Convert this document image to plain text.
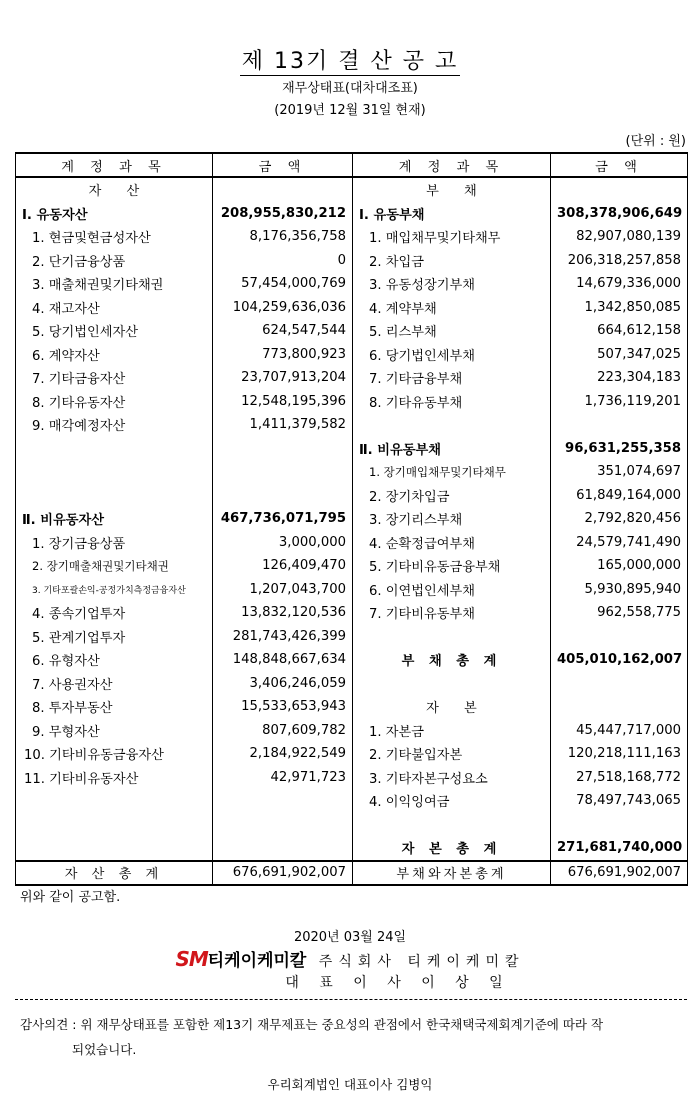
제 13기 결 산 공 고
재무상태표(대차대조표)
(2019년 12월 31일 현재)
(단위 : 원)
계 정 과 목	금 액	계 정 과 목	금 액
자      산		부      채	
Ⅰ. 유동자산	208,955,830,212	Ⅰ. 유동부채	308,378,906,649
1. 현금및현금성자산	8,176,356,758	1. 매입채무및기타채무	82,907,080,139
2. 단기금융상품	0	2. 차입금	206,318,257,858
3. 매출채권및기타채권	57,454,000,769	3. 유동성장기부채	14,679,336,000
4. 재고자산	104,259,636,036	4. 계약부채	1,342,850,085
5. 당기법인세자산	624,547,544	5. 리스부채	664,612,158
6. 계약자산	773,800,923	6. 당기법인세부채	507,347,025
7. 기타금융자산	23,707,913,204	7. 기타금융부채	223,304,183
8. 기타유동자산	12,548,195,396	8. 기타유동부채	1,736,119,201
9. 매각예정자산	1,411,379,582		
		Ⅱ. 비유동부채	96,631,255,358
		1. 장기매입채무및기타채무	351,074,697
		2. 장기차입금	61,849,164,000
Ⅱ. 비유동자산	467,736,071,795	3. 장기리스부채	2,792,820,456
1. 장기금융상품	3,000,000	4. 순확정급여부채	24,579,741,490
2. 장기매출채권및기타채권	126,409,470	5. 기타비유동금융부채	165,000,000
3. 기타포괄손익-공정가치측정금융자산	1,207,043,700	6. 이연법인세부채	5,930,895,940
4. 종속기업투자	13,832,120,536	7. 기타비유동부채	962,558,775
5. 관계기업투자	281,743,426,399		
6. 유형자산	148,848,667,634	부 채 총 계	405,010,162,007
7. 사용권자산	3,406,246,059		
8. 투자부동산	15,533,653,943	자      본	
9. 무형자산	807,609,782	1. 자본금	45,447,717,000
10. 기타비유동금융자산	2,184,922,549	2. 기타불입자본	120,218,111,163
11. 기타비유동자산	42,971,723	3. 기타자본구성요소	27,518,168,772
		4. 이익잉여금	78,497,743,065

		자 본 총 계	271,681,740,000
자 산 총 계	676,691,902,007	부채와자본총계	676,691,902,007
위와 같이 공고함.
2020년 03월 24일
SM티케이케미칼 주식회사 티케이케미칼
대 표 이 사 이 상 일
감사의견 : 위 재무상태표를 포함한 제13기 재무제표는 중요성의 관점에서 한국채택국제회계기준에 따라 작
되었습니다.
우리회계법인 대표이사 김병익
